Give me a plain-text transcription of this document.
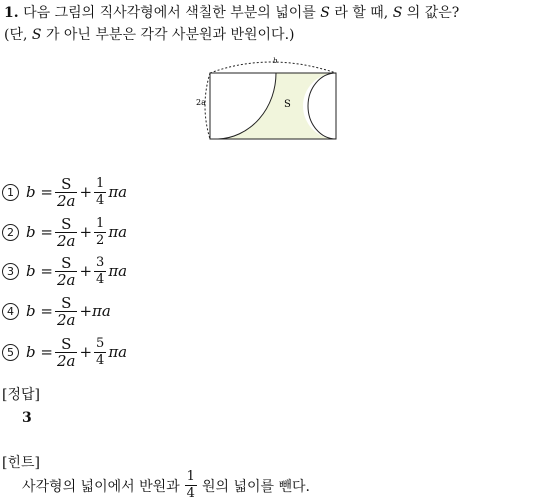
1. 다음 그림의 직사각형에서 색칠한 부분의 넓이를 S 라 할 때, S 의 값은?
(단, S 가 아닌 부분은 각각 사분원과 반원이다.)
b
2a	S
1 $b = \frac{S}{2a} + \frac{1}{4}$ πa
2 $b = \frac{S}{2a} + \frac{1}{2}$ πa
3 $b = \frac{S}{2a} + \frac{3}{4}$ πa
4 $b = \frac{S}{2a} + \pi a$
5 $b = \frac{S}{2a} + \frac{5}{4}$ πa
[정답]
3
[힌트]
사각형의 넓이에서 반원과 $\frac{1}{4}$ 원의 넓이를 뺀다.
